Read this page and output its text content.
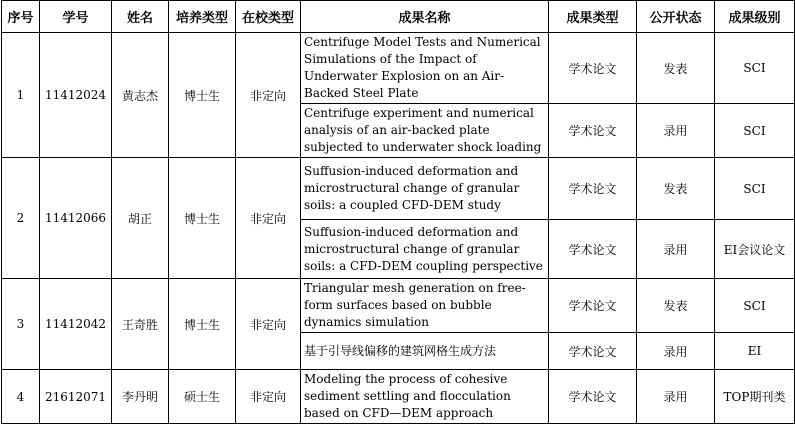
序号	学号	姓名	培养类型	在校类型	成果名称	成果类型	公开状态	成果级别
1	11412024	黄志杰	博士生	非定向	Centrifuge Model Tests and Numerical Simulations of the Impact of Underwater Explosion on an Air-Backed Steel Plate	学术论文	发表	SCI
					Centrifuge experiment and numerical analysis of an air-backed plate subjected to underwater shock loading	学术论文	录用	SCI
2	11412066	胡正	博士生	非定向	Suffusion-induced deformation and microstructural change of granular soils: a coupled CFD-DEM study	学术论文	发表	SCI
					Suffusion-induced deformation and microstructural change of granular soils: a CFD-DEM coupling perspective	学术论文	录用	EI会议论文
3	11412042	王奇胜	博士生	非定向	Triangular mesh generation on free-form surfaces based on bubble dynamics simulation	学术论文	发表	SCI
					基于引导线偏移的建筑网格生成方法	学术论文	录用	EI
4	21612071	李丹明	硕士生	非定向	Modeling the process of cohesive sediment settling and flocculation based on CFD—DEM approach	学术论文	录用	TOP期刊类
